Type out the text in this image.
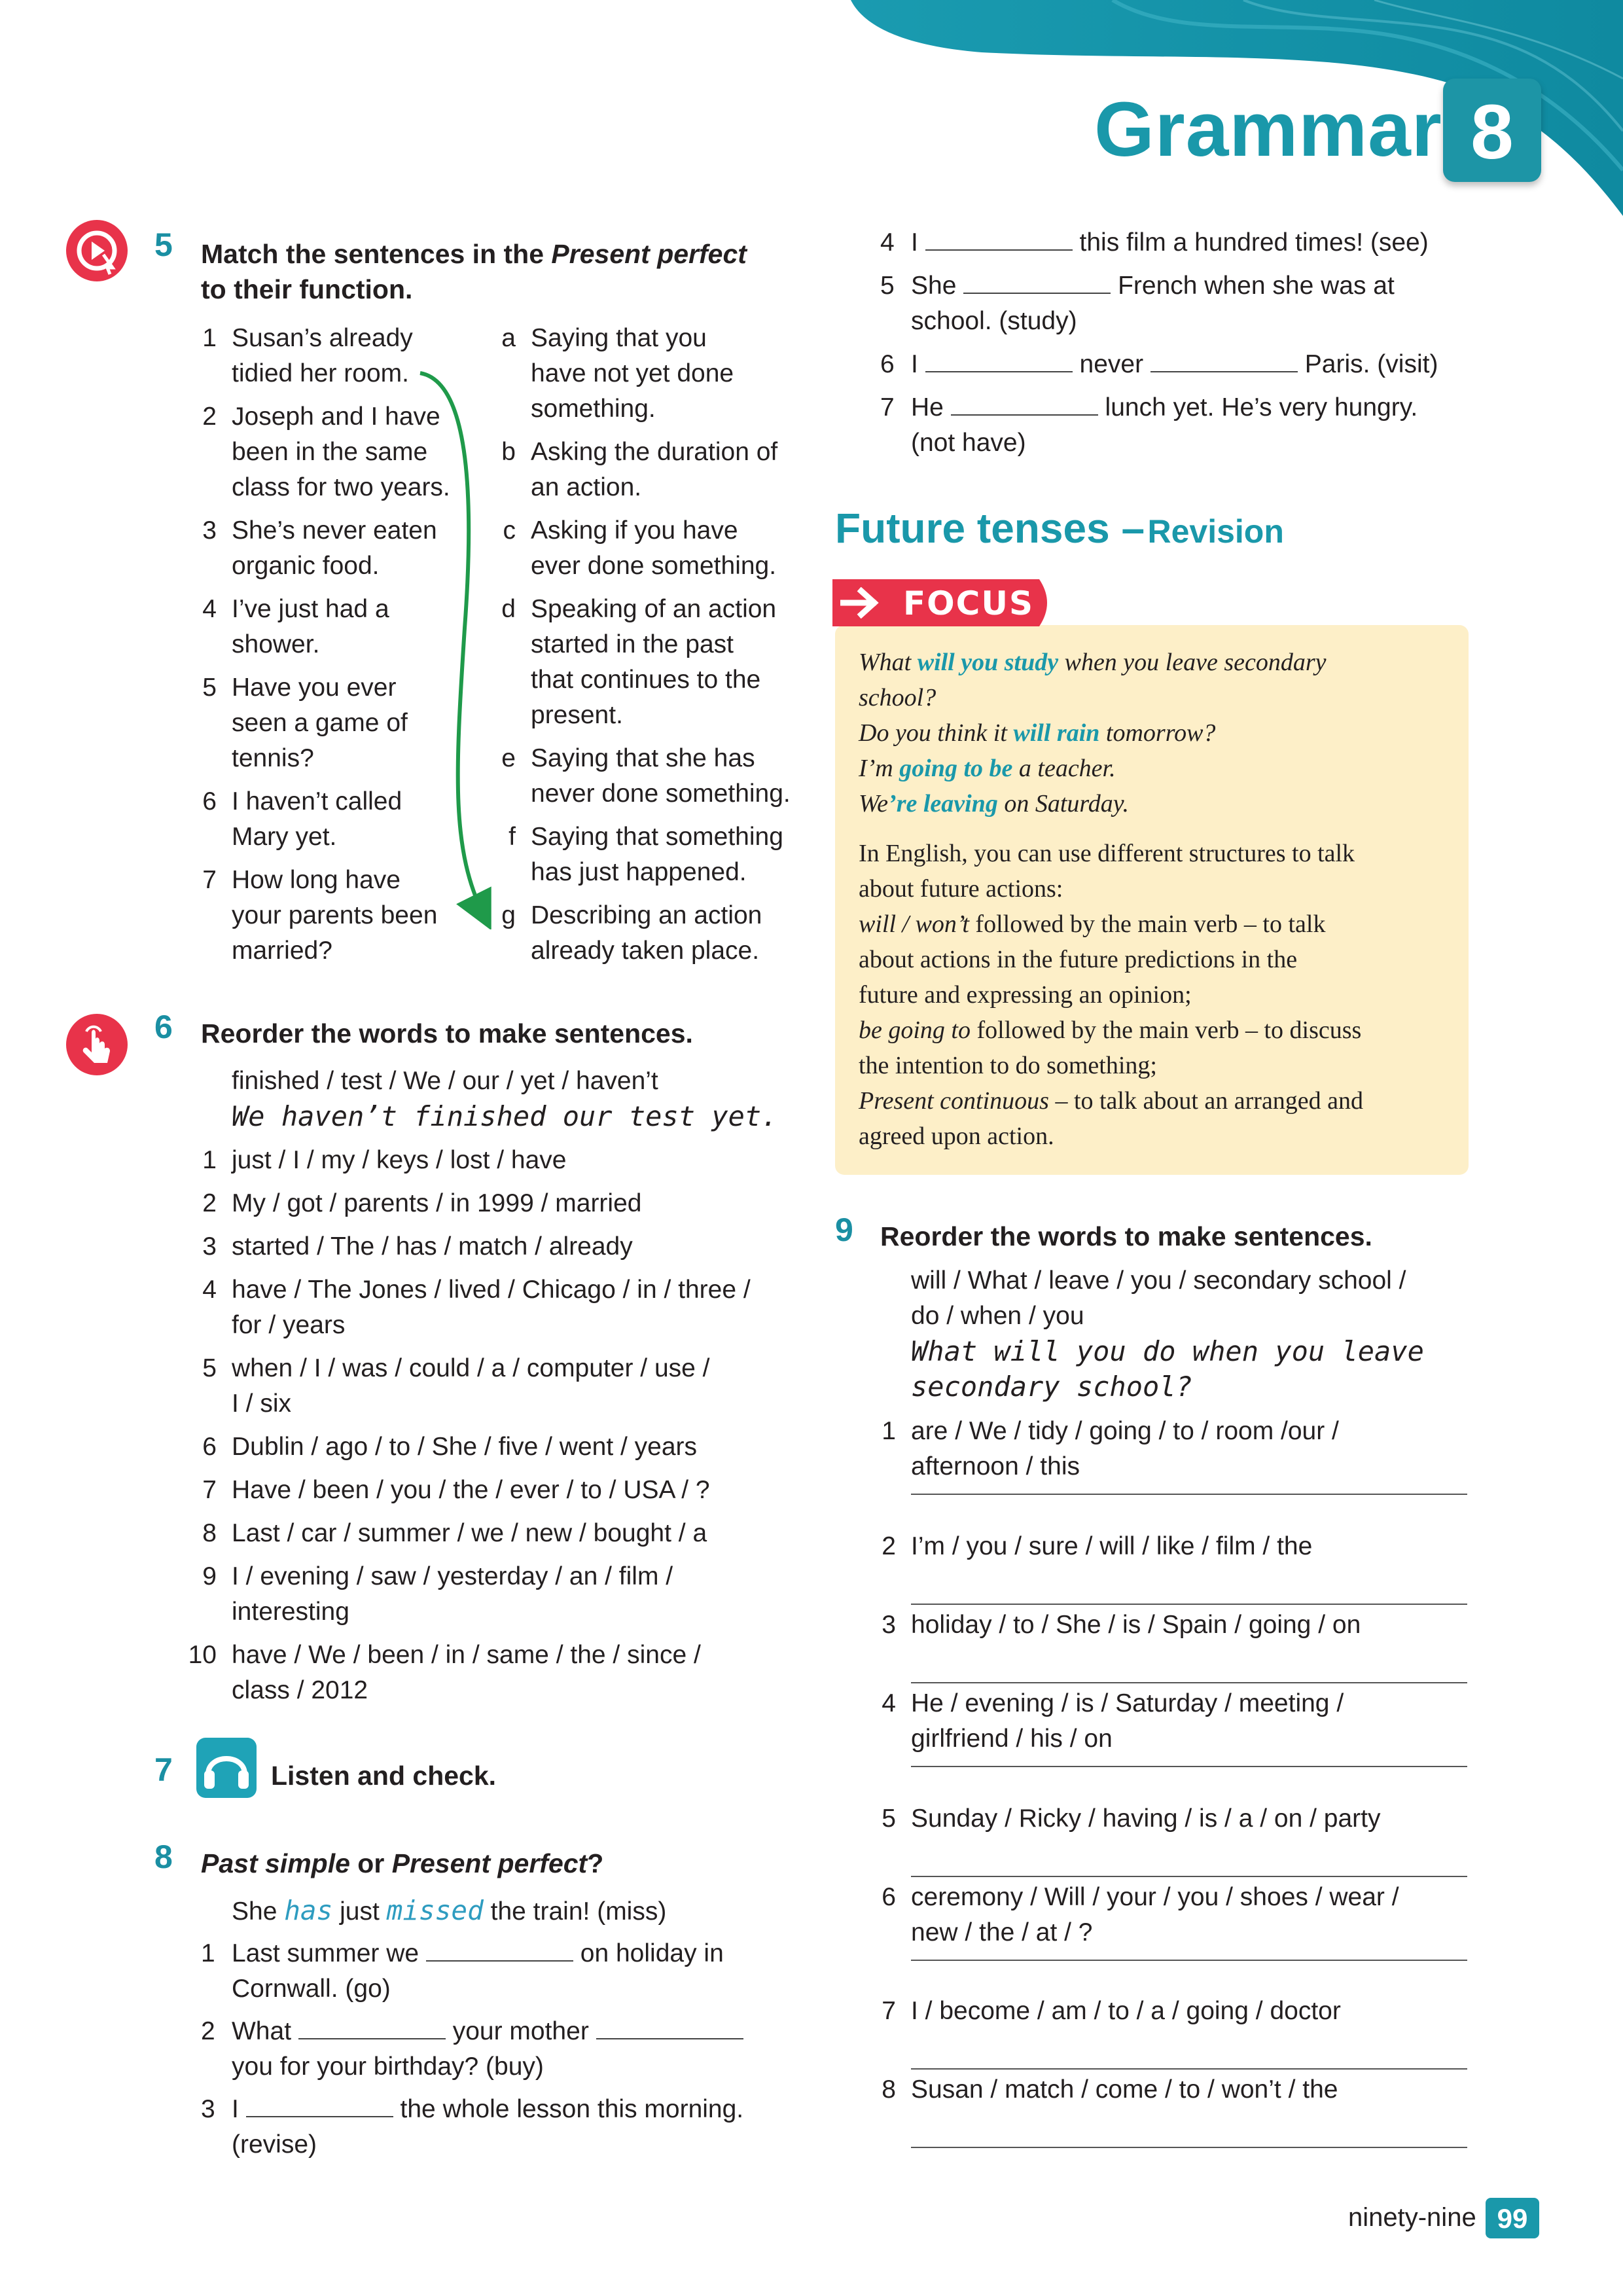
Grammar 8
5 Match the sentences in the Present perfect
to their function.
6 Reorder the words to make sentences.
finished / test / We / our / yet / haven’t
We haven’t finished our test yet.
7	Listen and check.
8 Past simple or Present perfect?
She has just missed the train! (miss)
1 Last summer we	on holiday in
Cornwall. (go)
2 What	your mother
you for your birthday? (buy)
3 I	the whole lesson this morning.
(revise)
4 I	this film a hundred times! (see)
5 She	French when she was at
school. (study)
6 I	never	Paris. (visit)
7 He	lunch yet. He’s very hungry.
(not have)
Future tenses – Revision
FOCUS
What will you study when you leave secondary
school?
Do you think it will rain tomorrow?
I’m going to be a teacher.
We’re leaving on Saturday.
In English, you can use different structures to talk
about future actions:
will / won’t followed by the main verb – to talk
about actions in the future predictions in the
future and expressing an opinion;
be going to followed by the main verb – to discuss
the intention to do something;
Present continuous – to talk about an arranged and
agreed upon action.
9 Reorder the words to make sentences.
will / What / leave / you / secondary school /
do / when / you
What will you do when you leave
secondary school?
ninety-nine 99
1 Susan’s already
tidied her room.
2 Joseph and I have
been in the same
class for two years.
3 She’s never eaten
organic food.
4 I’ve just had a
shower.
5 Have you ever
seen a game of
tennis?
6 I haven’t called
Mary yet.
7 How long have
your parents been
married?
a Saying that you
have not yet done
something.
b Asking the duration of
an action.
c Asking if you have
ever done something.
d Speaking of an action
started in the past
that continues to the
present.
e Saying that she has
never done something.
f Saying that something
has just happened.
g Describing an action
already taken place.
1 just / I / my / keys / lost / have
2 My / got / parents / in 1999 / married
3 started / The / has / match / already
4 have / The Jones / lived / Chicago / in / three /
for / years
5 when / I / was / could / a / computer / use /
I / six
6 Dublin / ago / to / She / five / went / years
7 Have / been / you / the / ever / to / USA / ?
8 Last / car / summer / we / new / bought / a
9 I / evening / saw / yesterday / an / film /
interesting
10 have / We / been / in / same / the / since /
class / 2012
1 are / We / tidy / going / to / room /our /
afternoon / this
2 I’m / you / sure / will / like / film / the
3 holiday / to / She / is / Spain / going / on
4 He / evening / is / Saturday / meeting /
girlfriend / his / on
5 Sunday / Ricky / having / is / a / on / party
6 ceremony / Will / your / you / shoes / wear /
new / the / at / ?
7 I / become / am / to / a / going / doctor
8 Susan / match / come / to / won’t / the
